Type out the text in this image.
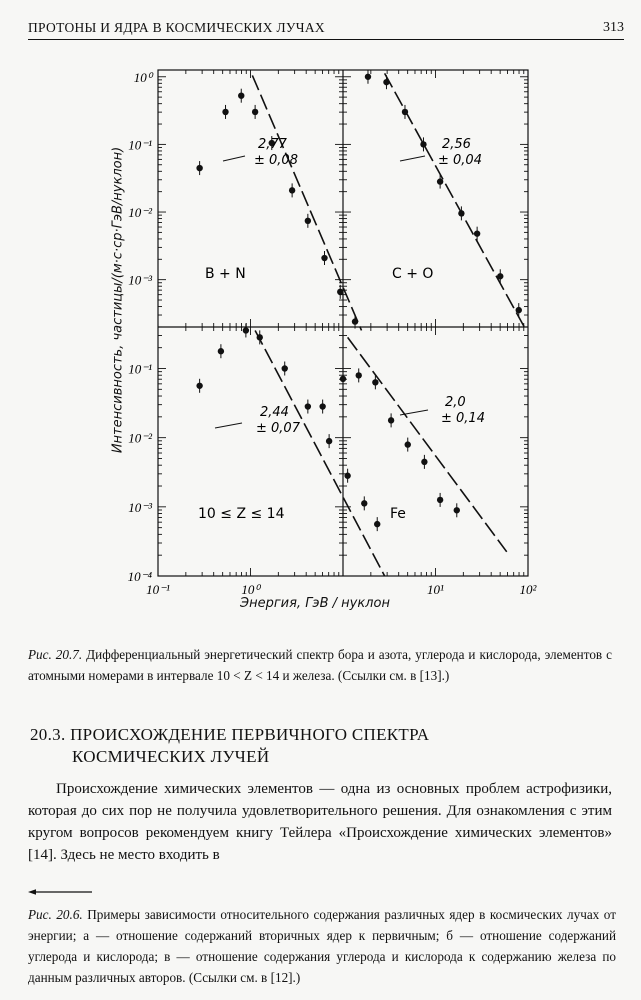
ПРОТОНЫ И ЯДРА В КОСМИЧЕСКИХ ЛУЧАХ	313
10⁰
10⁻¹
10⁻²
10⁻³
10⁻¹
10⁻²
10⁻³
10⁻⁴
10⁻¹	10⁰	10¹	10²
B + N
2,77
± 0,08
C + O
2,56
± 0,04
10 ≤ Z ≤ 14
2,44
± 0,07
Fe
2,0
± 0,14
Интенсивность, частицы/(м·с·ср·ГэВ/нуклон)
Энергия, ГэВ / нуклон
Рис. 20.7. Дифференциальный энергетический спектр бора и азота, углерода и кислорода, элементов с атомными номерами в интервале 10 < Z < 14 и железа. (Ссылки см. в [13].)
20.3. ПРОИСХОЖДЕНИЕ ПЕРВИЧНОГО СПЕКТРА
КОСМИЧЕСКИХ ЛУЧЕЙ
Происхождение химических элементов — одна из основных проблем астрофизики, которая до сих пор не получила удовлетворительного решения. Для ознакомления с этим кругом вопросов рекомендуем книгу Тейлера «Происхождение химических элементов» [14]. Здесь не место входить в
Рис. 20.6. Примеры зависимости относительного содержания различных ядер в космических лучах от энергии; а — отношение содержаний вторичных ядер к первичным; б — отношение содержаний углерода и кислорода; в — отношение содержания углерода и кислорода к содержанию железа по данным различных авторов. (Ссылки см. в [12].)
